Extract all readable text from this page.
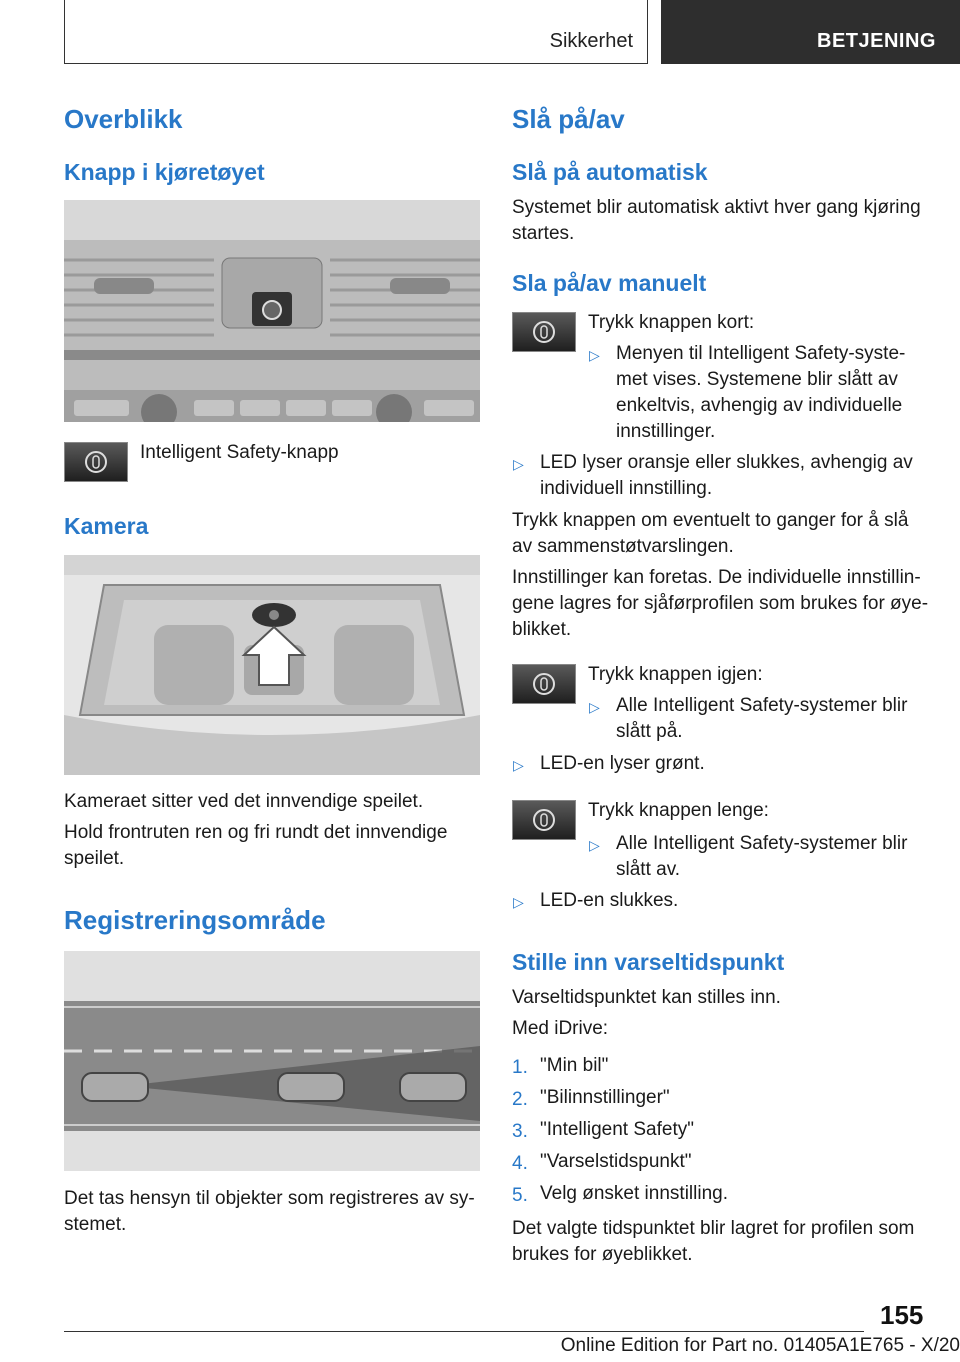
Sikkerhet	BETJENING
Overblikk
Knapp i kjøretøyet
Intelligent Safety-knapp
Kamera
Kameraet sitter ved det innvendige speilet.
Hold frontruten ren og fri rundt det innvendige
speilet.
Registreringsområde
Det tas hensyn til objekter som registreres av sy‐
stemet.
Slå på/av
Slå på automatisk
Systemet blir automatisk aktivt hver gang kjøring
startes.
Sla på/av manuelt
Trykk knappen kort:
▷ Menyen til Intelligent Safety-syste‐
met vises. Systemene blir slått av
enkeltvis, avhengig av individuelle
innstillinger.
▷ LED lyser oransje eller slukkes, avhengig av
individuell innstilling.
Trykk knappen om eventuelt to ganger for å slå
av sammenstøtvarslingen.
Innstillinger kan foretas. De individuelle innstillin‐
gene lagres for sjåførprofilen som brukes for øye‐
blikket.
Trykk knappen igjen:
▷ Alle Intelligent Safety-systemer blir
slått på.
▷ LED-en lyser grønt.
Trykk knappen lenge:
▷ Alle Intelligent Safety-systemer blir
slått av.
▷ LED-en slukkes.
Stille inn varseltidspunkt
Varseltidspunktet kan stilles inn.
Med iDrive:
1. "Min bil"
2. "Bilinnstillinger"
3. "Intelligent Safety"
4. "Varselstidspunkt"
5. Velg ønsket innstilling.
Det valgte tidspunktet blir lagret for profilen som
brukes for øyeblikket.
155
Online Edition for Part no. 01405A1E765 - X/20
